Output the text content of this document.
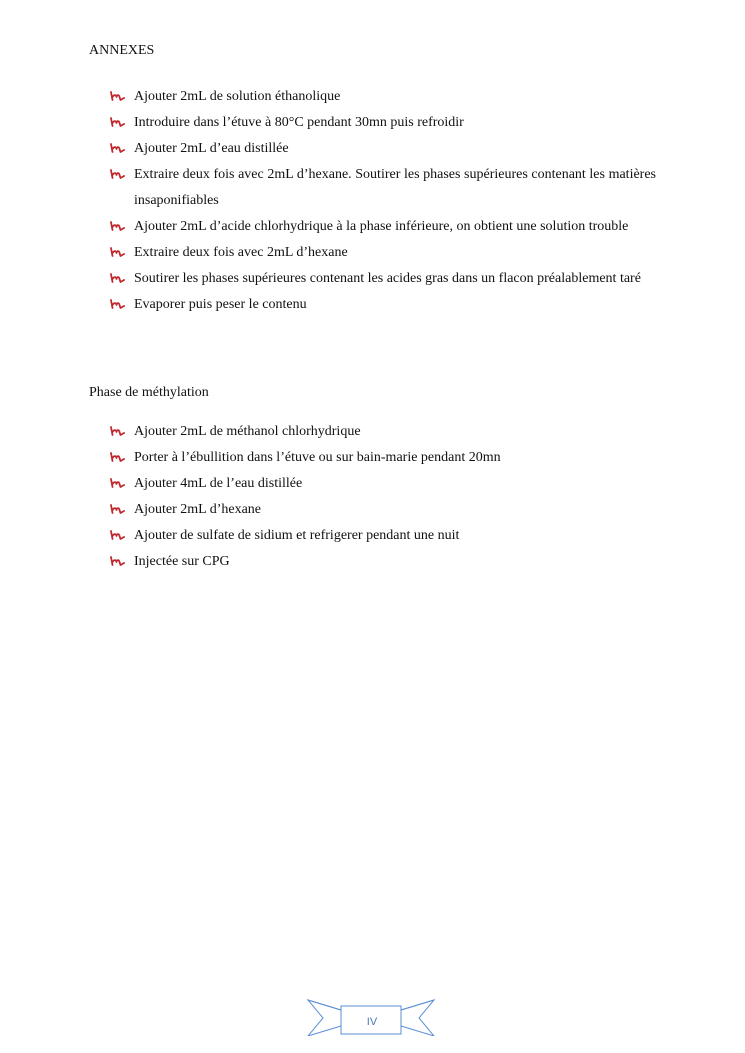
ANNEXES
Ajouter 2mL de solution éthanolique
Introduire dans l’étuve à 80°C pendant 30mn puis refroidir
Ajouter 2mL d’eau distillée
Extraire deux fois avec 2mL d’hexane. Soutirer les phases supérieures contenant les matières insaponifiables
Ajouter 2mL d’acide chlorhydrique à la phase inférieure, on obtient une solution trouble
Extraire deux fois avec 2mL d’hexane
Soutirer les phases supérieures contenant les acides gras dans un flacon préalablement taré
Evaporer puis peser le contenu
Phase de méthylation
Ajouter 2mL de méthanol chlorhydrique
Porter à l’ébullition dans l’étuve ou sur bain-marie pendant 20mn
Ajouter 4mL de l’eau distillée
Ajouter 2mL d’hexane
Ajouter de sulfate de sidium et refrigerer pendant une nuit
Injectée sur CPG
IV
